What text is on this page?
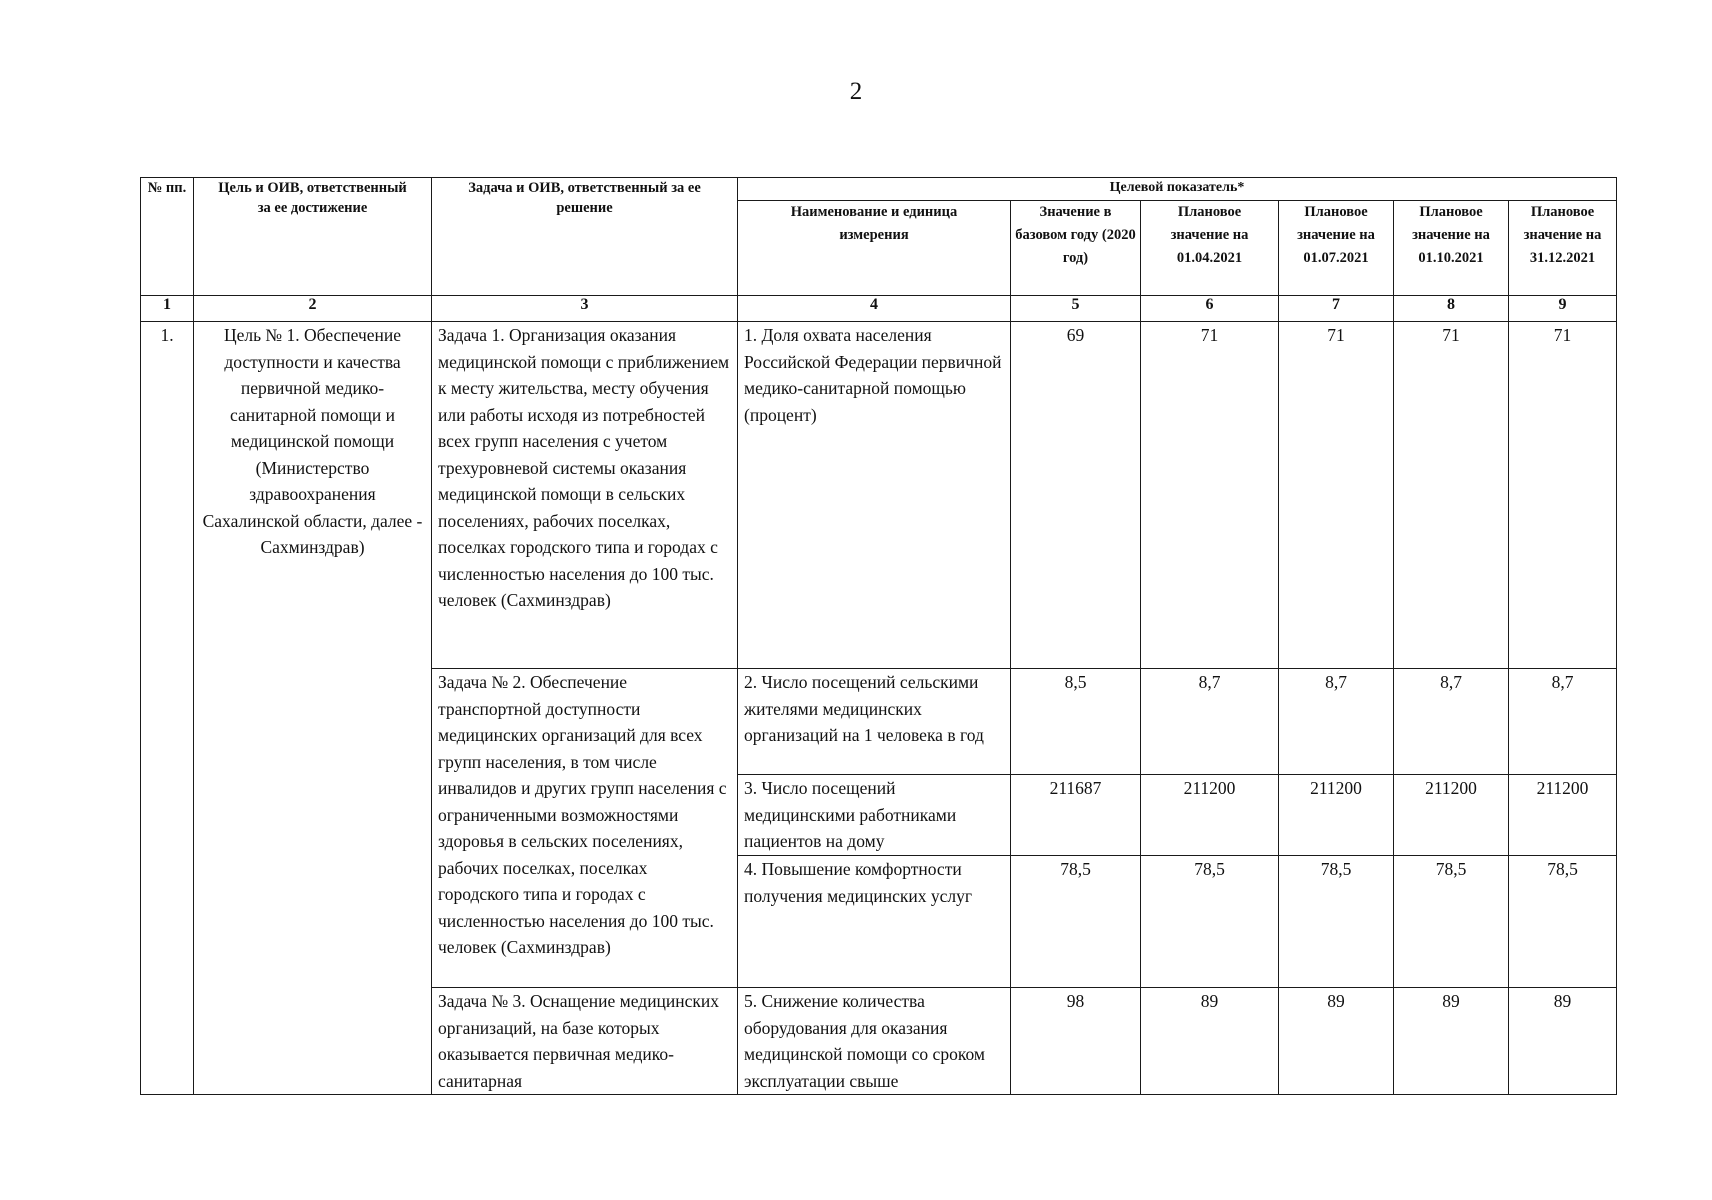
2
№ пп.	Цель и ОИВ, ответственный за ее достижение	Задача и ОИВ, ответственный за ее решение	Целевой показатель*					
			Наименование и единица измерения	Значение в базовом году (2020 год)	Плановое значение на 01.04.2021	Плановое значение на 01.07.2021	Плановое значение на 01.10.2021	Плановое значение на 31.12.2021
1	2	3	4	5	6	7	8	9
1.	Цель № 1. Обеспечение доступности и качества первичной медико-санитарной помощи и медицинской помощи (Министерство здравоохранения Сахалинской области, далее - Сахминздрав)	Задача 1. Организация оказания медицинской помощи с приближением к месту жительства, месту обучения или работы исходя из потребностей всех групп населения с учетом трехуровневой системы оказания медицинской помощи в сельских поселениях, рабочих поселках, поселках городского типа и городах с численностью населения до 100 тыс. человек (Сахминздрав)	1. Доля охвата населения Российской Федерации первичной медико-санитарной помощью (процент)	69	71	71	71	71
		Задача № 2. Обеспечение транспортной доступности медицинских организаций для всех групп населения, в том числе инвалидов и других групп населения с ограниченными возможностями здоровья в сельских поселениях, рабочих поселках, поселках городского типа и городах с численностью населения до 100 тыс. человек (Сахминздрав)	2. Число посещений сельскими жителями медицинских организаций на 1 человека в год	8,5	8,7	8,7	8,7	8,7
			3. Число посещений медицинскими работниками пациентов на дому	211687	211200	211200	211200	211200
			4. Повышение комфортности получения медицинских услуг	78,5	78,5	78,5	78,5	78,5
		Задача № 3. Оснащение медицинских организаций, на базе которых оказывается первичная медико-санитарная	5. Снижение количества оборудования для оказания медицинской помощи со сроком эксплуатации свыше	98	89	89	89	89
